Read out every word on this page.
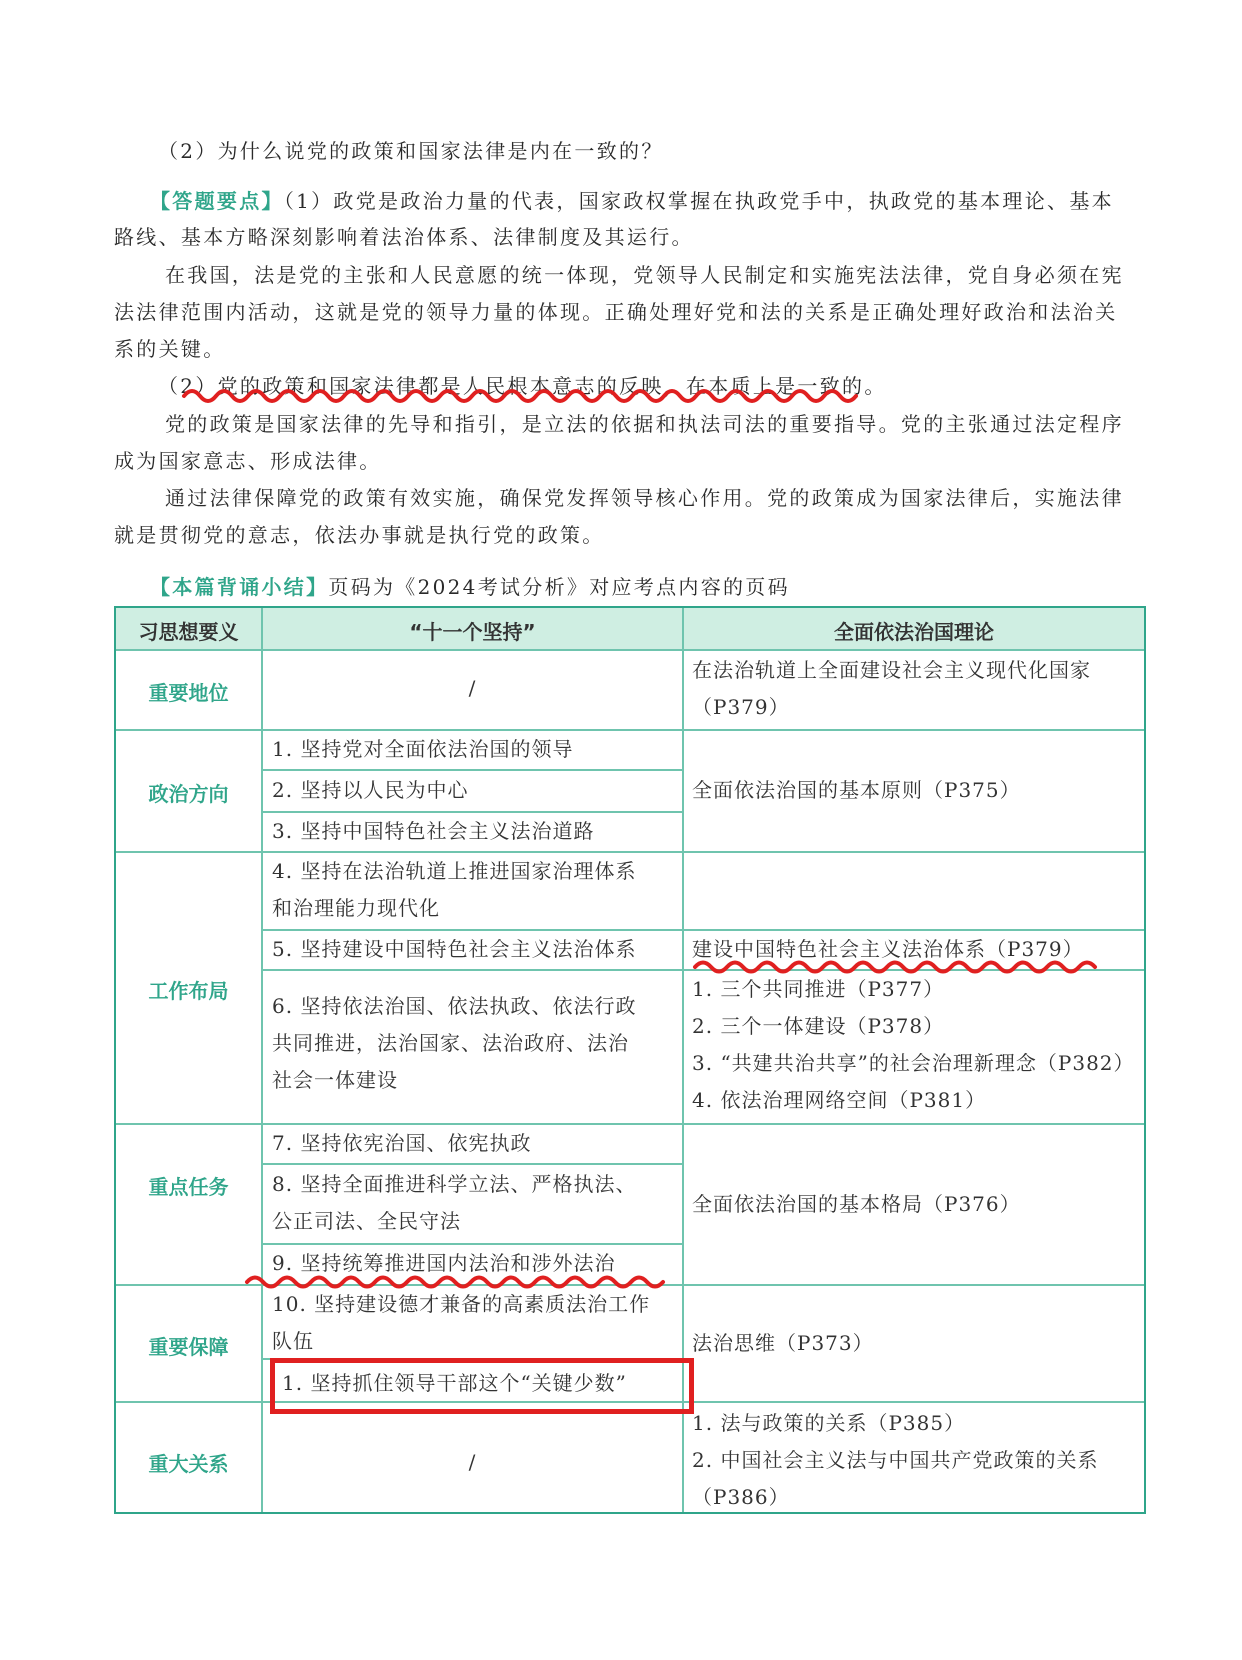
（2）为什么说党的政策和国家法律是内在一致的？
【答题要点】（1）政党是政治力量的代表，国家政权掌握在执政党手中，执政党的基本理论、基本
路线、基本方略深刻影响着法治体系、法律制度及其运行。
在我国，法是党的主张和人民意愿的统一体现，党领导人民制定和实施宪法法律，党自身必须在宪
法法律范围内活动，这就是党的领导力量的体现。正确处理好党和法的关系是正确处理好政治和法治关
系的关键。
（2）党的政策和国家法律都是人民根本意志的反映，在本质上是一致的。
党的政策是国家法律的先导和指引，是立法的依据和执法司法的重要指导。党的主张通过法定程序
成为国家意志、形成法律。
通过法律保障党的政策有效实施，确保党发挥领导核心作用。党的政策成为国家法律后，实施法律
就是贯彻党的意志，依法办事就是执行党的政策。
【本篇背诵小结】页码为《2024考试分析》对应考点内容的页码
习思想要义	“十一个坚持”	全面依法治国理论
重要地位
政治方向
工作布局
重点任务
重要保障
重大关系
/
1. 坚持党对全面依法治国的领导
2. 坚持以人民为中心
3. 坚持中国特色社会主义法治道路
4. 坚持在法治轨道上推进国家治理体系
和治理能力现代化
5. 坚持建设中国特色社会主义法治体系
6. 坚持依法治国、依法执政、依法行政
共同推进，法治国家、法治政府、法治
社会一体建设
7. 坚持依宪治国、依宪执政
8. 坚持全面推进科学立法、严格执法、
公正司法、全民守法
9. 坚持统筹推进国内法治和涉外法治
10. 坚持建设德才兼备的高素质法治工作
队伍
1. 坚持抓住领导干部这个“关键少数”
/
在法治轨道上全面建设社会主义现代化国家
（P379）
全面依法治国的基本原则（P375）
建设中国特色社会主义法治体系（P379）
1. 三个共同推进（P377）
2. 三个一体建设（P378）
3. “共建共治共享”的社会治理新理念（P382）
4. 依法治理网络空间（P381）
全面依法治国的基本格局（P376）
法治思维（P373）
1. 法与政策的关系（P385）
2. 中国社会主义法与中国共产党政策的关系
（P386）
